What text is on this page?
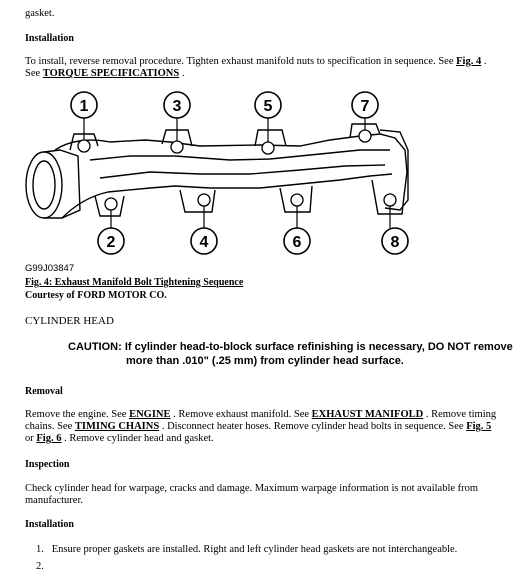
gasket.

Installation

To install, reverse removal procedure. Tighten exhaust manifold nuts to specification in sequence. See Fig. 4 .
See TORQUE SPECIFICATIONS .

1	3	5	7
2	4	6	8
G99J03847

Fig. 4: Exhaust Manifold Bolt Tightening Sequence

Courtesy of FORD MOTOR CO.

CYLINDER HEAD

CAUTION: If cylinder head-to-block surface refinishing is necessary, DO NOT remove
more than .010" (.25 mm) from cylinder head surface.

Removal

Remove the engine. See ENGINE . Remove exhaust manifold. See EXHAUST MANIFOLD . Remove timing
chains. See TIMING CHAINS . Disconnect heater hoses. Remove cylinder head bolts in sequence. See Fig. 5
or Fig. 6 . Remove cylinder head and gasket.

Inspection

Check cylinder head for warpage, cracks and damage. Maximum warpage information is not available from
manufacturer.

Installation

1. Ensure proper gaskets are installed. Right and left cylinder head gaskets are not interchangeable.
2.
